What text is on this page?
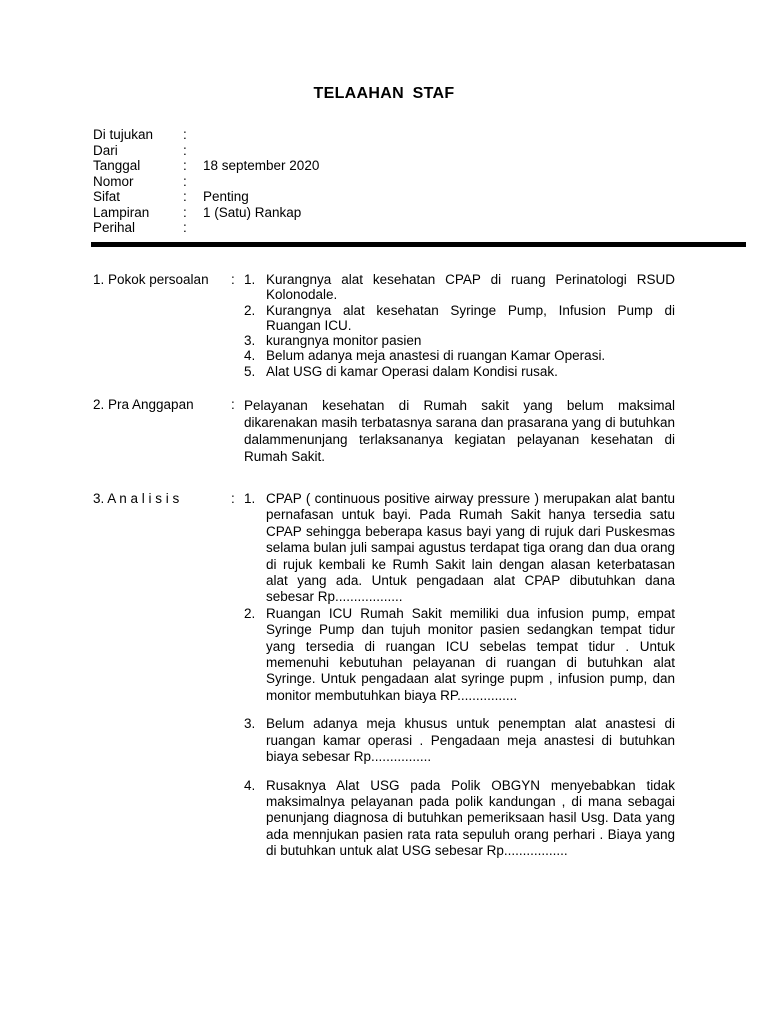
TELAAHAN STAF
Di tujukan :
Dari	:
Tanggal	: 18 september 2020
Nomor	:
Sifat	: Penting
Lampiran : 1 (Satu) Rankap
Perihal	:
1. Pokok persoalan : 1. Kurangnya alat kesehatan CPAP di ruang Perinatologi RSUD Kolonodale.
2. Kurangnya alat kesehatan Syringe Pump, Infusion Pump di Ruangan ICU.
3. kurangnya monitor pasien
4. Belum adanya meja anastesi di ruangan Kamar Operasi.
5. Alat USG di kamar Operasi dalam Kondisi rusak.
2. Pra Anggapan	: Pelayanan kesehatan di Rumah sakit yang belum maksimal dikarenakan masih terbatasnya sarana dan prasarana yang di butuhkan dalammenunjang terlaksananya kegiatan pelayanan kesehatan di Rumah Sakit.

3. A n a l i s i s	: 1. CPAP ( continuous positive airway pressure ) merupakan alat bantu pernafasan untuk bayi. Pada Rumah Sakit hanya tersedia satu CPAP sehingga beberapa kasus bayi yang di rujuk dari Puskesmas selama bulan juli sampai agustus terdapat tiga orang dan dua orang di rujuk kembali ke Rumh Sakit lain dengan alasan keterbatasan alat yang ada. Untuk pengadaan alat CPAP dibutuhkan dana sebesar Rp..................
2. Ruangan ICU Rumah Sakit memiliki dua infusion pump, empat Syringe Pump dan tujuh monitor pasien sedangkan tempat tidur yang tersedia di ruangan ICU sebelas tempat tidur . Untuk memenuhi kebutuhan pelayanan di ruangan di butuhkan alat Syringe. Untuk pengadaan alat syringe pupm , infusion pump, dan monitor membutuhkan biaya RP................
3. Belum adanya meja khusus untuk penemptan alat anastesi di ruangan kamar operasi . Pengadaan meja anastesi di butuhkan biaya sebesar Rp................
4. Rusaknya Alat USG pada Polik OBGYN menyebabkan tidak maksimalnya pelayanan pada polik kandungan , di mana sebagai penunjang diagnosa di butuhkan pemeriksaan hasil Usg. Data yang ada mennjukan pasien rata rata sepuluh orang perhari . Biaya yang di butuhkan untuk alat USG sebesar Rp.................
